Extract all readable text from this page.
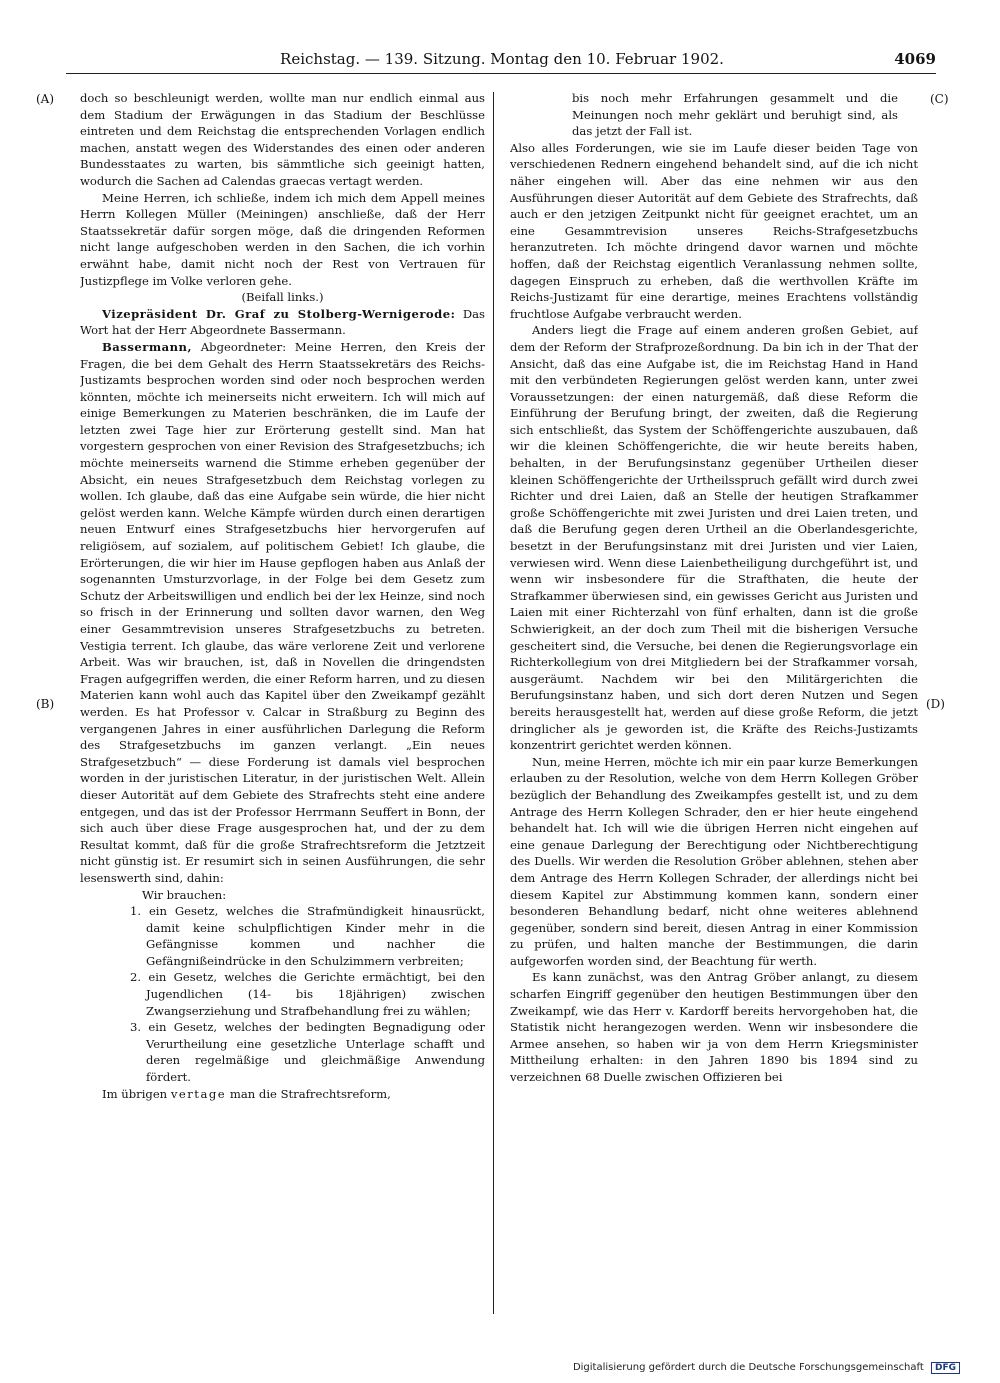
Reichstag. — 139. Sitzung. Montag den 10. Februar 1902.	4069
(A)
(B)
(C)
(D)

doch so beschleunigt werden, wollte man nur endlich einmal aus dem Stadium der Erwägungen in das Stadium der Beschlüsse eintreten und dem Reichstag die entsprechenden Vorlagen endlich machen, anstatt wegen des Widerstandes des einen oder anderen Bundesstaates zu warten, bis sämmtliche sich geeinigt hatten, wodurch die Sachen ad Calendas graecas vertagt werden.

Meine Herren, ich schließe, indem ich mich dem Appell meines Herrn Kollegen Müller (Meiningen) anschließe, daß der Herr Staatssekretär dafür sorgen möge, daß die dringenden Reformen nicht lange aufgeschoben werden in den Sachen, die ich vorhin erwähnt habe, damit nicht noch der Rest von Vertrauen für Justizpflege im Volke verloren gehe.

(Beifall links.)

Vizepräsident Dr. Graf zu Stolberg-Wernigerode: Das Wort hat der Herr Abgeordnete Bassermann.

Bassermann, Abgeordneter: Meine Herren, den Kreis der Fragen, die bei dem Gehalt des Herrn Staatssekretärs des Reichs-Justizamts besprochen worden sind oder noch besprochen werden könnten, möchte ich meinerseits nicht erweitern. Ich will mich auf einige Bemerkungen zu Materien beschränken, die im Laufe der letzten zwei Tage hier zur Erörterung gestellt sind. Man hat vorgestern gesprochen von einer Revision des Strafgesetzbuchs; ich möchte meinerseits warnend die Stimme erheben gegenüber der Absicht, ein neues Strafgesetzbuch dem Reichstag vorlegen zu wollen. Ich glaube, daß das eine Aufgabe sein würde, die hier nicht gelöst werden kann. Welche Kämpfe würden durch einen derartigen neuen Entwurf eines Strafgesetzbuchs hier hervorgerufen auf religiösem, auf sozialem, auf politischem Gebiet! Ich glaube, die Erörterungen, die wir hier im Hause gepflogen haben aus Anlaß der sogenannten Umsturzvorlage, in der Folge bei dem Gesetz zum Schutz der Arbeitswilligen und endlich bei der lex Heinze, sind noch so frisch in der Erinnerung und sollten davor warnen, den Weg einer Gesammtrevision unseres Strafgesetzbuchs zu betreten. Vestigia terrent. Ich glaube, das wäre verlorene Zeit und verlorene Arbeit. Was wir brauchen, ist, daß in Novellen die dringendsten Fragen aufgegriffen werden, die einer Reform harren, und zu diesen Materien kann wohl auch das Kapitel über den Zweikampf gezählt werden. Es hat Professor v. Calcar in Straßburg zu Beginn des vergangenen Jahres in einer ausführlichen Darlegung die Reform des Strafgesetzbuchs im ganzen verlangt. „Ein neues Strafgesetzbuch“ — diese Forderung ist damals viel besprochen worden in der juristischen Literatur, in der juristischen Welt. Allein dieser Autorität auf dem Gebiete des Strafrechts steht eine andere entgegen, und das ist der Professor Herrmann Seuffert in Bonn, der sich auch über diese Frage ausgesprochen hat, und der zu dem Resultat kommt, daß für die große Strafrechtsreform die Jetztzeit nicht günstig ist. Er resumirt sich in seinen Ausführungen, die sehr lesenswerth sind, dahin:

Wir brauchen:

1. ein Gesetz, welches die Strafmündigkeit hinausrückt, damit keine schulpflichtigen Kinder mehr in die Gefängnisse kommen und nachher die Gefängnißeindrücke in den Schulzimmern verbreiten;

2. ein Gesetz, welches die Gerichte ermächtigt, bei den Jugendlichen (14- bis 18jährigen) zwischen Zwangserziehung und Strafbehandlung frei zu wählen;

3. ein Gesetz, welches der bedingten Begnadigung oder Verurtheilung eine gesetzliche Unterlage schafft und deren regelmäßige und gleichmäßige Anwendung fördert.

Im übrigen vertage man die Strafrechtsreform,

bis noch mehr Erfahrungen gesammelt und die Meinungen noch mehr geklärt und beruhigt sind, als das jetzt der Fall ist.

Also alles Forderungen, wie sie im Laufe dieser beiden Tage von verschiedenen Rednern eingehend behandelt sind, auf die ich nicht näher eingehen will. Aber das eine nehmen wir aus den Ausführungen dieser Autorität auf dem Gebiete des Strafrechts, daß auch er den jetzigen Zeitpunkt nicht für geeignet erachtet, um an eine Gesammtrevision unseres Reichs-Strafgesetzbuchs heranzutreten. Ich möchte dringend davor warnen und möchte hoffen, daß der Reichstag eigentlich Veranlassung nehmen sollte, dagegen Einspruch zu erheben, daß die werthvollen Kräfte im Reichs-Justizamt für eine derartige, meines Erachtens vollständig fruchtlose Aufgabe verbraucht werden.

Anders liegt die Frage auf einem anderen großen Gebiet, auf dem der Reform der Strafprozeßordnung. Da bin ich in der That der Ansicht, daß das eine Aufgabe ist, die im Reichstag Hand in Hand mit den verbündeten Regierungen gelöst werden kann, unter zwei Voraussetzungen: der einen naturgemäß, daß diese Reform die Einführung der Berufung bringt, der zweiten, daß die Regierung sich entschließt, das System der Schöffengerichte auszubauen, daß wir die kleinen Schöffengerichte, die wir heute bereits haben, behalten, in der Berufungsinstanz gegenüber Urtheilen dieser kleinen Schöffengerichte der Urtheilsspruch gefällt wird durch zwei Richter und drei Laien, daß an Stelle der heutigen Strafkammer große Schöffengerichte mit zwei Juristen und drei Laien treten, und daß die Berufung gegen deren Urtheil an die Oberlandesgerichte, besetzt in der Berufungsinstanz mit drei Juristen und vier Laien, verwiesen wird. Wenn diese Laienbetheiligung durchgeführt ist, und wenn wir insbesondere für die Strafthaten, die heute der Strafkammer überwiesen sind, ein gewisses Gericht aus Juristen und Laien mit einer Richterzahl von fünf erhalten, dann ist die große Schwierigkeit, an der doch zum Theil mit die bisherigen Versuche gescheitert sind, die Versuche, bei denen die Regierungsvorlage ein Richterkollegium von drei Mitgliedern bei der Strafkammer vorsah, ausgeräumt. Nachdem wir bei den Militärgerichten die Berufungsinstanz haben, und sich dort deren Nutzen und Segen bereits herausgestellt hat, werden auf diese große Reform, die jetzt dringlicher als je geworden ist, die Kräfte des Reichs-Justizamts konzentrirt gerichtet werden können.

Nun, meine Herren, möchte ich mir ein paar kurze Bemerkungen erlauben zu der Resolution, welche von dem Herrn Kollegen Gröber bezüglich der Behandlung des Zweikampfes gestellt ist, und zu dem Antrage des Herrn Kollegen Schrader, den er hier heute eingehend behandelt hat. Ich will wie die übrigen Herren nicht eingehen auf eine genaue Darlegung der Berechtigung oder Nichtberechtigung des Duells. Wir werden die Resolution Gröber ablehnen, stehen aber dem Antrage des Herrn Kollegen Schrader, der allerdings nicht bei diesem Kapitel zur Abstimmung kommen kann, sondern einer besonderen Behandlung bedarf, nicht ohne weiteres ablehnend gegenüber, sondern sind bereit, diesen Antrag in einer Kommission zu prüfen, und halten manche der Bestimmungen, die darin aufgeworfen worden sind, der Beachtung für werth.

Es kann zunächst, was den Antrag Gröber anlangt, zu diesem scharfen Eingriff gegenüber den heutigen Bestimmungen über den Zweikampf, wie das Herr v. Kardorff bereits hervorgehoben hat, die Statistik nicht herangezogen werden. Wenn wir insbesondere die Armee ansehen, so haben wir ja von dem Herrn Kriegsminister Mittheilung erhalten: in den Jahren 1890 bis 1894 sind zu verzeichnen 68 Duelle zwischen Offizieren bei

Digitalisierung gefördert durch die Deutsche Forschungsgemeinschaft DFG
